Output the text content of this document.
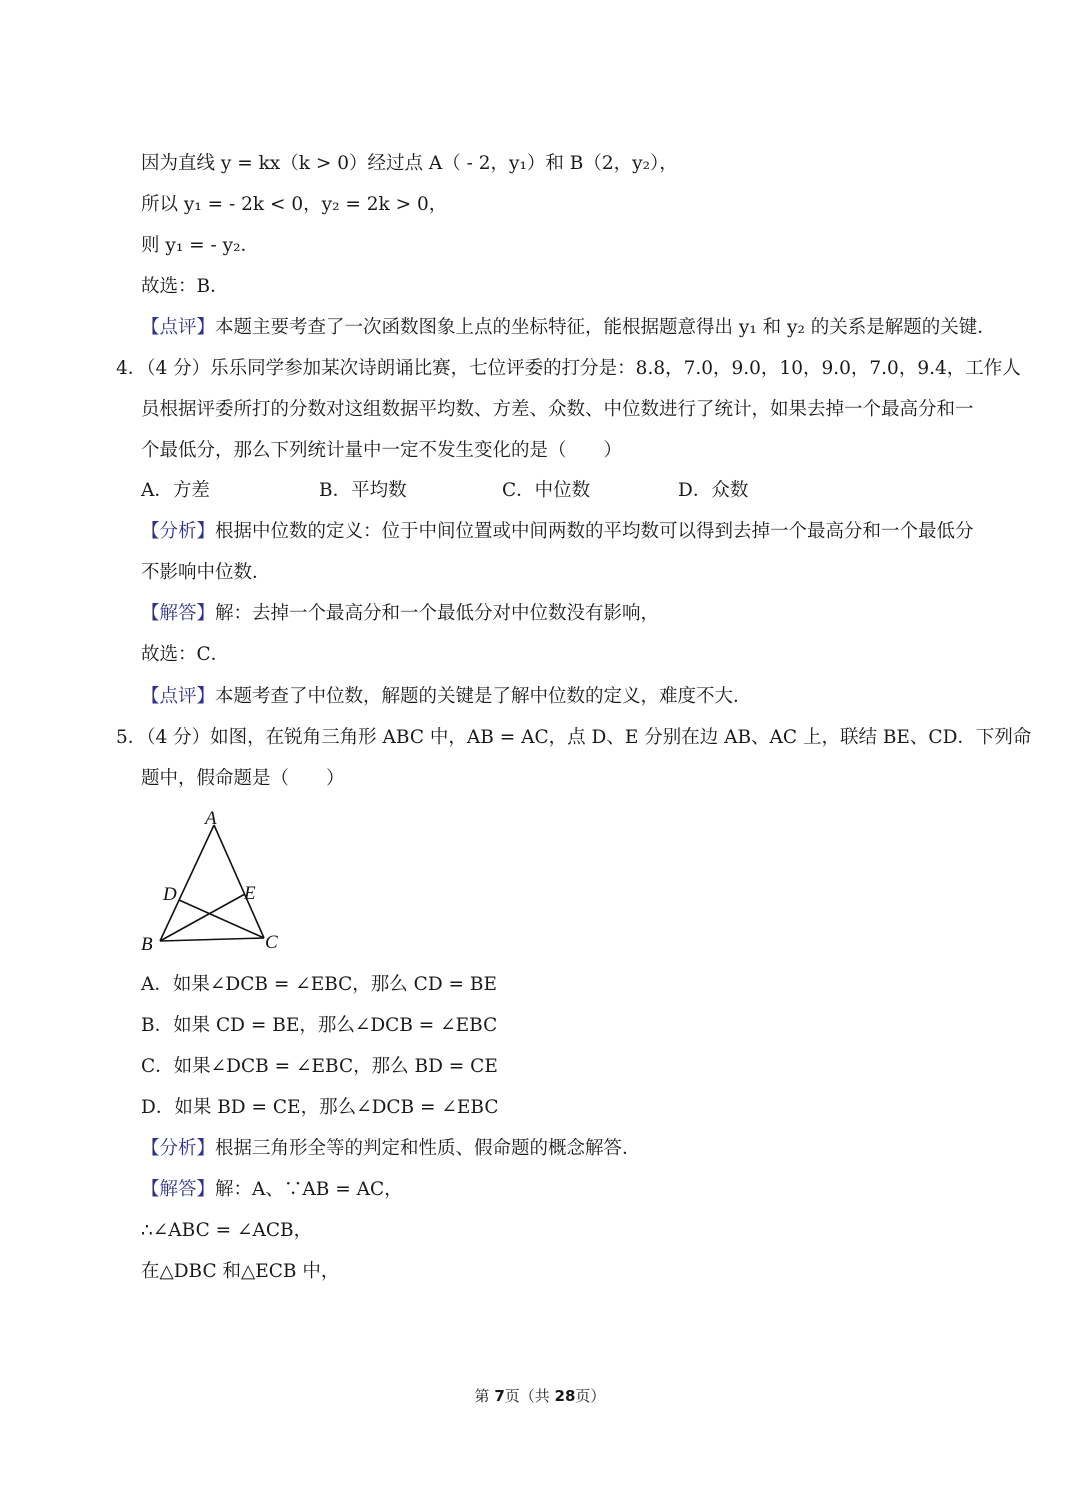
因为直线 y = kx（k > 0）经过点 A（ - 2，y₁）和 B（2，y₂），
所以 y₁ = - 2k < 0，y₂ = 2k > 0，
则 y₁ = - y₂．
故选：B．
【点评】本题主要考查了一次函数图象上点的坐标特征，能根据题意得出 y₁ 和 y₂ 的关系是解题的关键．
4．（4 分）乐乐同学参加某次诗朗诵比赛，七位评委的打分是：8.8，7.0，9.0，10，9.0，7.0，9.4，工作人
员根据评委所打的分数对这组数据平均数、方差、众数、中位数进行了统计，如果去掉一个最高分和一
个最低分，那么下列统计量中一定不发生变化的是（　　）
A．方差	B．平均数	C．中位数	D．众数
【分析】根据中位数的定义：位于中间位置或中间两数的平均数可以得到去掉一个最高分和一个最低分
不影响中位数．
【解答】解：去掉一个最高分和一个最低分对中位数没有影响，
故选：C．
【点评】本题考查了中位数，解题的关键是了解中位数的定义，难度不大．
5．（4 分）如图，在锐角三角形 ABC 中，AB = AC，点 D、E 分别在边 AB、AC 上，联结 BE、CD．下列命
题中，假命题是（　　）
A
B	C
D	E
A．如果∠DCB = ∠EBC，那么 CD = BE
B．如果 CD = BE，那么∠DCB = ∠EBC
C．如果∠DCB = ∠EBC，那么 BD = CE
D．如果 BD = CE，那么∠DCB = ∠EBC
【分析】根据三角形全等的判定和性质、假命题的概念解答．
【解答】解：A、∵AB = AC，
∴∠ABC = ∠ACB，
在△DBC 和△ECB 中，
第 7页（共 28页）
